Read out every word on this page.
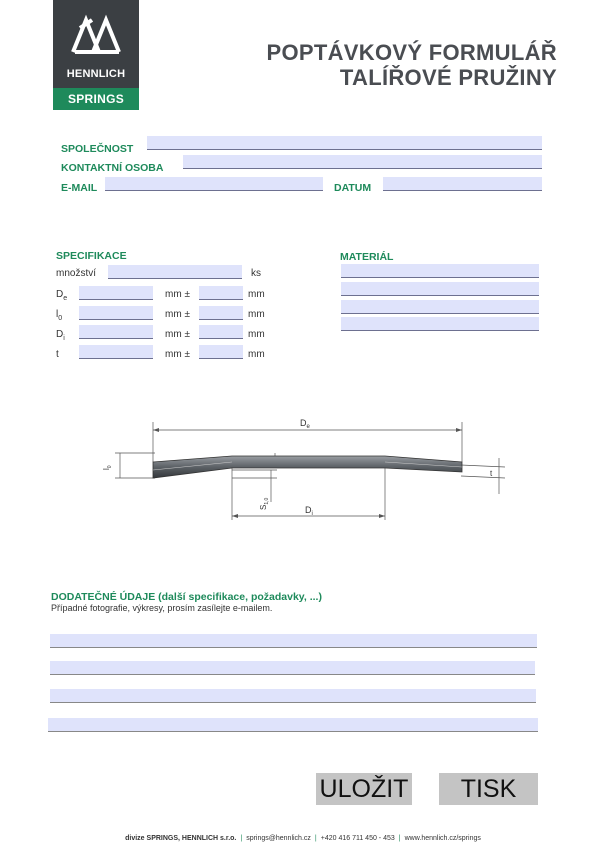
HENNLICH
SPRINGS
POPTÁVKOVÝ FORMULÁŘ
TALÍŘOVÉ PRUŽINY
SPOLEČNOST
KONTAKTNÍ OSOBA
E-MAIL	DATUM
SPECIFIKACE
množství	ks
$D_e$	mm ±	mm
$l_0$	mm ±	mm
$D_i$	mm ±	mm
t	mm ±	mm
MATERIÁL
$D_e$
$D_i$
$l_0$
t
$S_{1,0}$
DODATEČNÉ ÚDAJE (další specifikace, požadavky, ...)
Případné fotografie, výkresy, prosím zasílejte e-mailem.
ULOŽIT	TISK
divize SPRINGS, HENNLICH s.r.o. | springs@hennlich.cz | +420 416 711 450 - 453 | www.hennlich.cz/springs
